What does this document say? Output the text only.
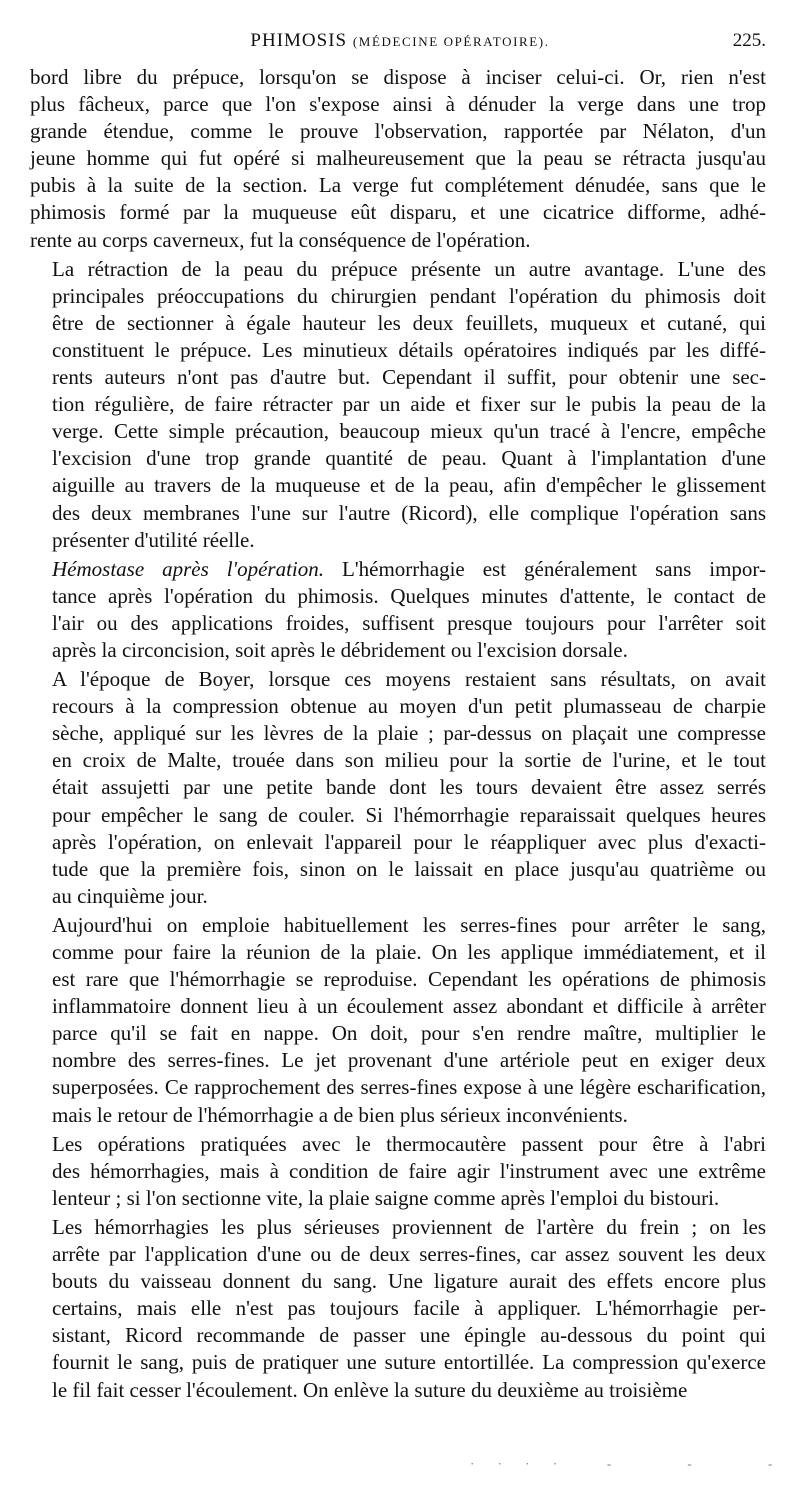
PHIMOSIS (MÉDECINE OPÉRATOIRE).	225.

bord libre du prépuce, lorsqu'on se dispose à inciser celui-ci. Or, rien n'est
plus fâcheux, parce que l'on s'expose ainsi à dénuder la verge dans une trop
grande étendue, comme le prouve l'observation, rapportée par Nélaton, d'un
jeune homme qui fut opéré si malheureusement que la peau se rétracta jusqu'au
pubis à la suite de la section. La verge fut complétement dénudée, sans que le
phimosis formé par la muqueuse eût disparu, et une cicatrice difforme, adhé-
rente au corps caverneux, fut la conséquence de l'opération.

La rétraction de la peau du prépuce présente un autre avantage. L'une des
principales préoccupations du chirurgien pendant l'opération du phimosis doit
être de sectionner à égale hauteur les deux feuillets, muqueux et cutané, qui
constituent le prépuce. Les minutieux détails opératoires indiqués par les diffé-
rents auteurs n'ont pas d'autre but. Cependant il suffit, pour obtenir une sec-
tion régulière, de faire rétracter par un aide et fixer sur le pubis la peau de la
verge. Cette simple précaution, beaucoup mieux qu'un tracé à l'encre, empêche
l'excision d'une trop grande quantité de peau. Quant à l'implantation d'une
aiguille au travers de la muqueuse et de la peau, afin d'empêcher le glissement
des deux membranes l'une sur l'autre (Ricord), elle complique l'opération sans
présenter d'utilité réelle.

Hémostase après l'opération. L'hémorrhagie est généralement sans impor-
tance après l'opération du phimosis. Quelques minutes d'attente, le contact de
l'air ou des applications froides, suffisent presque toujours pour l'arrêter soit
après la circoncision, soit après le débridement ou l'excision dorsale.

A l'époque de Boyer, lorsque ces moyens restaient sans résultats, on avait
recours à la compression obtenue au moyen d'un petit plumasseau de charpie
sèche, appliqué sur les lèvres de la plaie ; par-dessus on plaçait une compresse
en croix de Malte, trouée dans son milieu pour la sortie de l'urine, et le tout
était assujetti par une petite bande dont les tours devaient être assez serrés
pour empêcher le sang de couler. Si l'hémorrhagie reparaissait quelques heures
après l'opération, on enlevait l'appareil pour le réappliquer avec plus d'exacti-
tude que la première fois, sinon on le laissait en place jusqu'au quatrième ou
au cinquième jour.

Aujourd'hui on emploie habituellement les serres-fines pour arrêter le sang,
comme pour faire la réunion de la plaie. On les applique immédiatement, et il
est rare que l'hémorrhagie se reproduise. Cependant les opérations de phimosis
inflammatoire donnent lieu à un écoulement assez abondant et difficile à arrêter
parce qu'il se fait en nappe. On doit, pour s'en rendre maître, multiplier le
nombre des serres-fines. Le jet provenant d'une artériole peut en exiger deux
superposées. Ce rapprochement des serres-fines expose à une légère escharification,
mais le retour de l'hémorrhagie a de bien plus sérieux inconvénients.

Les opérations pratiquées avec le thermocautère passent pour être à l'abri
des hémorrhagies, mais à condition de faire agir l'instrument avec une extrême
lenteur ; si l'on sectionne vite, la plaie saigne comme après l'emploi du bistouri.

Les hémorrhagies les plus sérieuses proviennent de l'artère du frein ; on les
arrête par l'application d'une ou de deux serres-fines, car assez souvent les deux
bouts du vaisseau donnent du sang. Une ligature aurait des effets encore plus
certains, mais elle n'est pas toujours facile à appliquer. L'hémorrhagie per-
sistant, Ricord recommande de passer une épingle au-dessous du point qui
fournit le sang, puis de pratiquer une suture entortillée. La compression qu'exerce
le fil fait cesser l'écoulement. On enlève la suture du deuxième au troisième

· · · ·   -     -     -
